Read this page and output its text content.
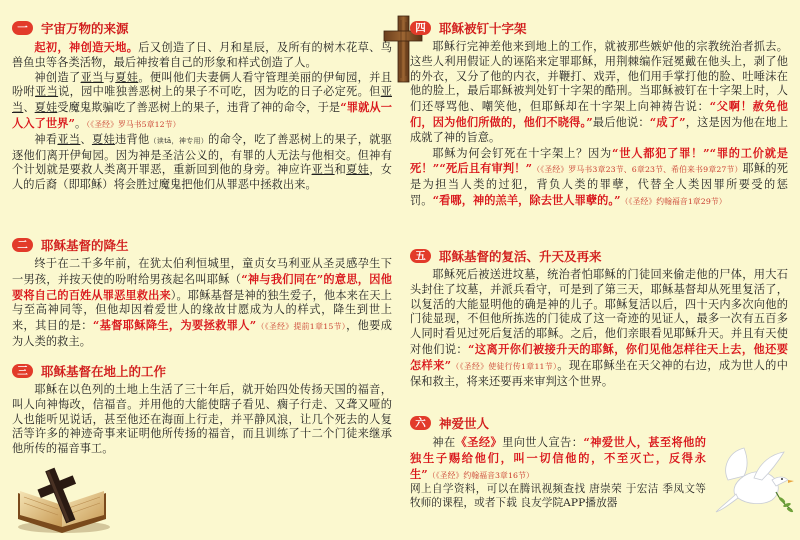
一	宇宙万物的来源

起初，神创造天地。后又创造了日、月和星辰，及所有的树木花草、鸟兽鱼虫等各类活物，最后神按着自己的形象和样式创造了人。

神创造了亚当与夏娃。便叫他们夫妻俩人看守管理美丽的伊甸园，并且吩咐亚当说，园中唯独善恶树上的果子不可吃，因为吃的日子必定死。但亚当、夏娃受魔鬼欺骗吃了善恶树上的果子，违背了神的命令，于是“罪就从一人入了世界”。（《圣经》罗马书5章12节）

神看亚当、夏娃违背他（读tā，神专用）的命令，吃了善恶树上的果子，就驱逐他们离开伊甸园。因为神是圣洁公义的，有罪的人无法与他相交。但神有个计划就是要救人类离开罪恶，重新回到他的身旁。神应许亚当和夏娃，女人的后裔（即耶稣）将会胜过魔鬼把他们从罪恶中拯救出来。

二	耶稣基督的降生

终于在二千多年前，在犹太伯利恒城里，童贞女马利亚从圣灵感孕生下一男孩，并按天使的吩咐给男孩起名叫耶稣（“神与我们同在”的意思，因他要将自己的百姓从罪恶里救出来）。耶稣基督是神的独生爱子，他本来在天上与至高神同等，但他却因着爱世人的缘故甘愿成为人的样式，降生到世上来，其目的是：“基督耶稣降生，为要拯救罪人”（《圣经》提前1章15节），他要成为人类的救主。

三	耶稣基督在地上的工作

耶稣在以色列的土地上生活了三十年后，就开始四处传扬天国的福音，叫人向神悔改，信福音。并用他的大能使瞎子看见、瘸子行走、又聋又哑的人也能听见说话，甚至他还在海面上行走，并平静风浪，让几个死去的人复活等许多的神迹奇事来证明他所传扬的福音，而且训练了十二个门徒来继承他所传的福音事工。

四	耶稣被钉十字架

耶稣行完神差他来到地上的工作，就被那些嫉妒他的宗教统治者抓去。这些人利用假证人的诬陷来定罪耶稣，用荆棘编作冠冕戴在他头上，剥了他的外衣，又分了他的内衣，并鞭打、戏弄，他们用手掌打他的脸、吐唾沫在他的脸上，最后耶稣被判处钉十字架的酷刑。当耶稣被钉在十字架上时，人们还辱骂他、嘲笑他，但耶稣却在十字架上向神祷告说：“父啊！赦免他们，因为他们所做的，他们不晓得。”最后他说：“成了”，这是因为他在地上成就了神的旨意。

耶稣为何会钉死在十字架上？因为“世人都犯了罪！”“罪的工价就是死！”“死后且有审判！”（《圣经》罗马书3章23节、6章23节、希伯来书9章27节）耶稣的死是为担当人类的过犯，背负人类的罪孽，代替全人类因罪所要受的惩罚。“看哪，神的羔羊，除去世人罪孽的。”（《圣经》约翰福音1章29节）

五	耶稣基督的复活、升天及再来

耶稣死后被送进坟墓，统治者怕耶稣的门徒回来偷走他的尸体，用大石头封住了坟墓，并派兵看守，可是到了第三天，耶稣基督却从死里复活了，以复活的大能显明他的确是神的儿子。耶稣复活以后，四十天内多次向他的门徒显现，不但他所拣选的门徒成了这一奇迹的见证人，最多一次有五百多人同时看见过死后复活的耶稣。之后，他们亲眼看见耶稣升天。并且有天使对他们说：“这离开你们被接升天的耶稣，你们见他怎样往天上去，他还要怎样来”（《圣经》使徒行传1章11节）。现在耶稣坐在天父神的右边，成为世人的中保和救主，将来还要再来审判这个世界。

六	神爱世人

神在《圣经》里向世人宣告：“神爱世人，甚至将他的独生子赐给他们，叫一切信他的，不至灭亡，反得永生”（《圣经》约翰福音3章16节）

网上自学资料，可以在腾讯视频查找 唐崇荣 于宏洁 季凤文等牧师的课程，或者下载 良友学院APP播放器
